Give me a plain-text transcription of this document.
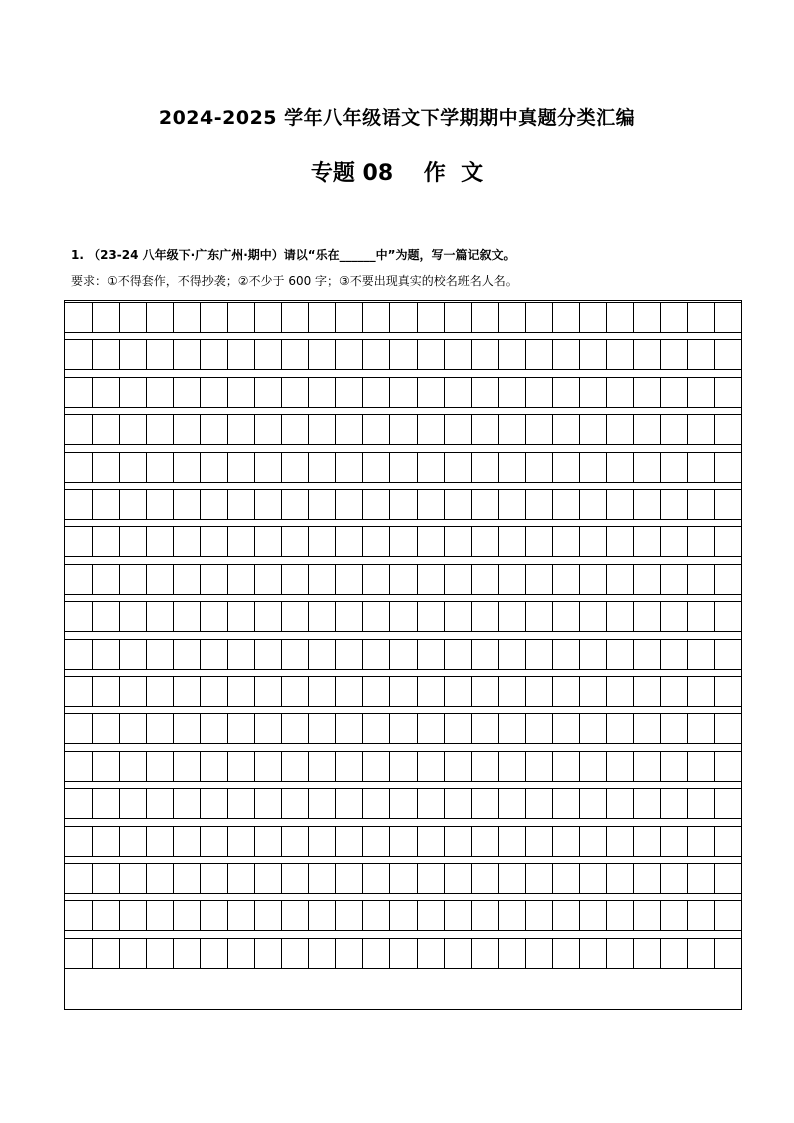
2024-2025 学年八年级语文下学期期中真题分类汇编
专题 08    作  文
1. （23-24 八年级下·广东广州·期中）请以“乐在______中”为题，写一篇记叙文。
要求：①不得套作，不得抄袭；②不少于 600 字；③不要出现真实的校名班名人名。
